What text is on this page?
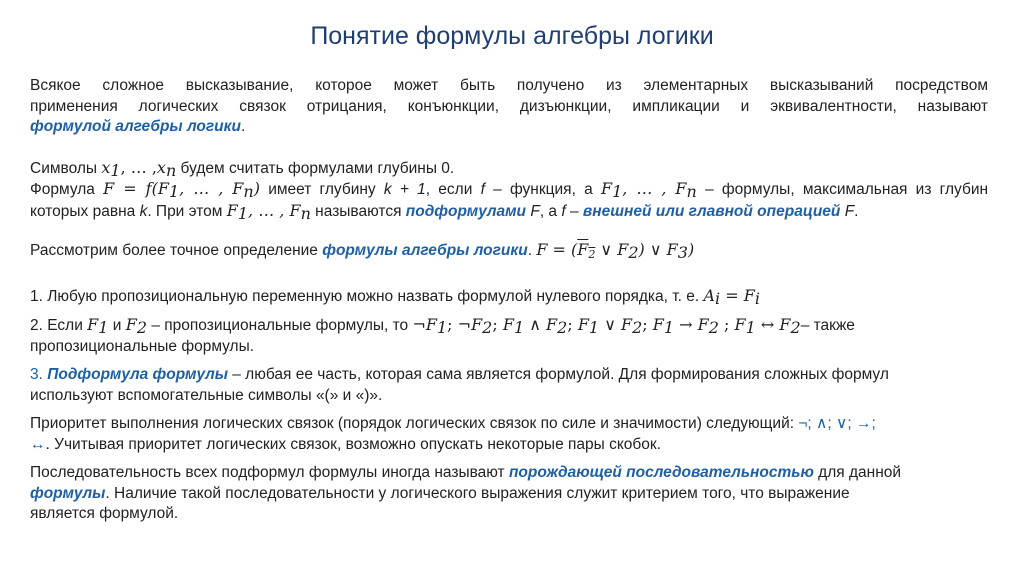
Понятие формулы алгебры логики

Всякое сложное высказывание, которое может быть получено из элементарных высказываний посредством

применения логических связок отрицания, конъюнкции, дизъюнкции, импликации и эквивалентности, называют

формулой алгебры логики.

Символы $x_1$, … $,x_n$ будем считать формулами глубины 0.

Формула $F = f(F_1$, … , $F_n$) имеет глубину k + 1, если f – функция, а $F_1$, … , $F_n$ – формулы, максимальная из глубин

которых равна k. При этом $F_1$, … , $F_n$ называются подформулами F, а f – внешней или главной операцией F.

Рассмотрим более точное определение формулы алгебры логики. $F = (F_2$ ∨ $F_2$) ∨ $F_3$)

1. Любую пропозициональную переменную можно назвать формулой нулевого порядка, т. е. $A_i = F_i$

2. Если $F_1$ и $F_2$ – пропозициональные формулы, то $\neg F_1$; $\neg F_2$; $F_1$ ∧ $F_2$; $F_1$ ∨ $F_2$; $F_1 \to F_2$ ; $F_1$ ↔ $F_2-$ также

пропозициональные формулы.

3. Подформула формулы – любая ее часть, которая сама является формулой. Для формирования сложных формул

используют вспомогательные символы «(» и «)».

Приоритет выполнения логических связок (порядок логических связок по силе и значимости) следующий: ¬; ∧; ∨; →;

↔. Учитывая приоритет логических связок, возможно опускать некоторые пары скобок.

Последовательность всех подформул формулы иногда называют порождающей последовательностью для данной

формулы. Наличие такой последовательности у логического выражения служит критерием того, что выражение

является формулой.
